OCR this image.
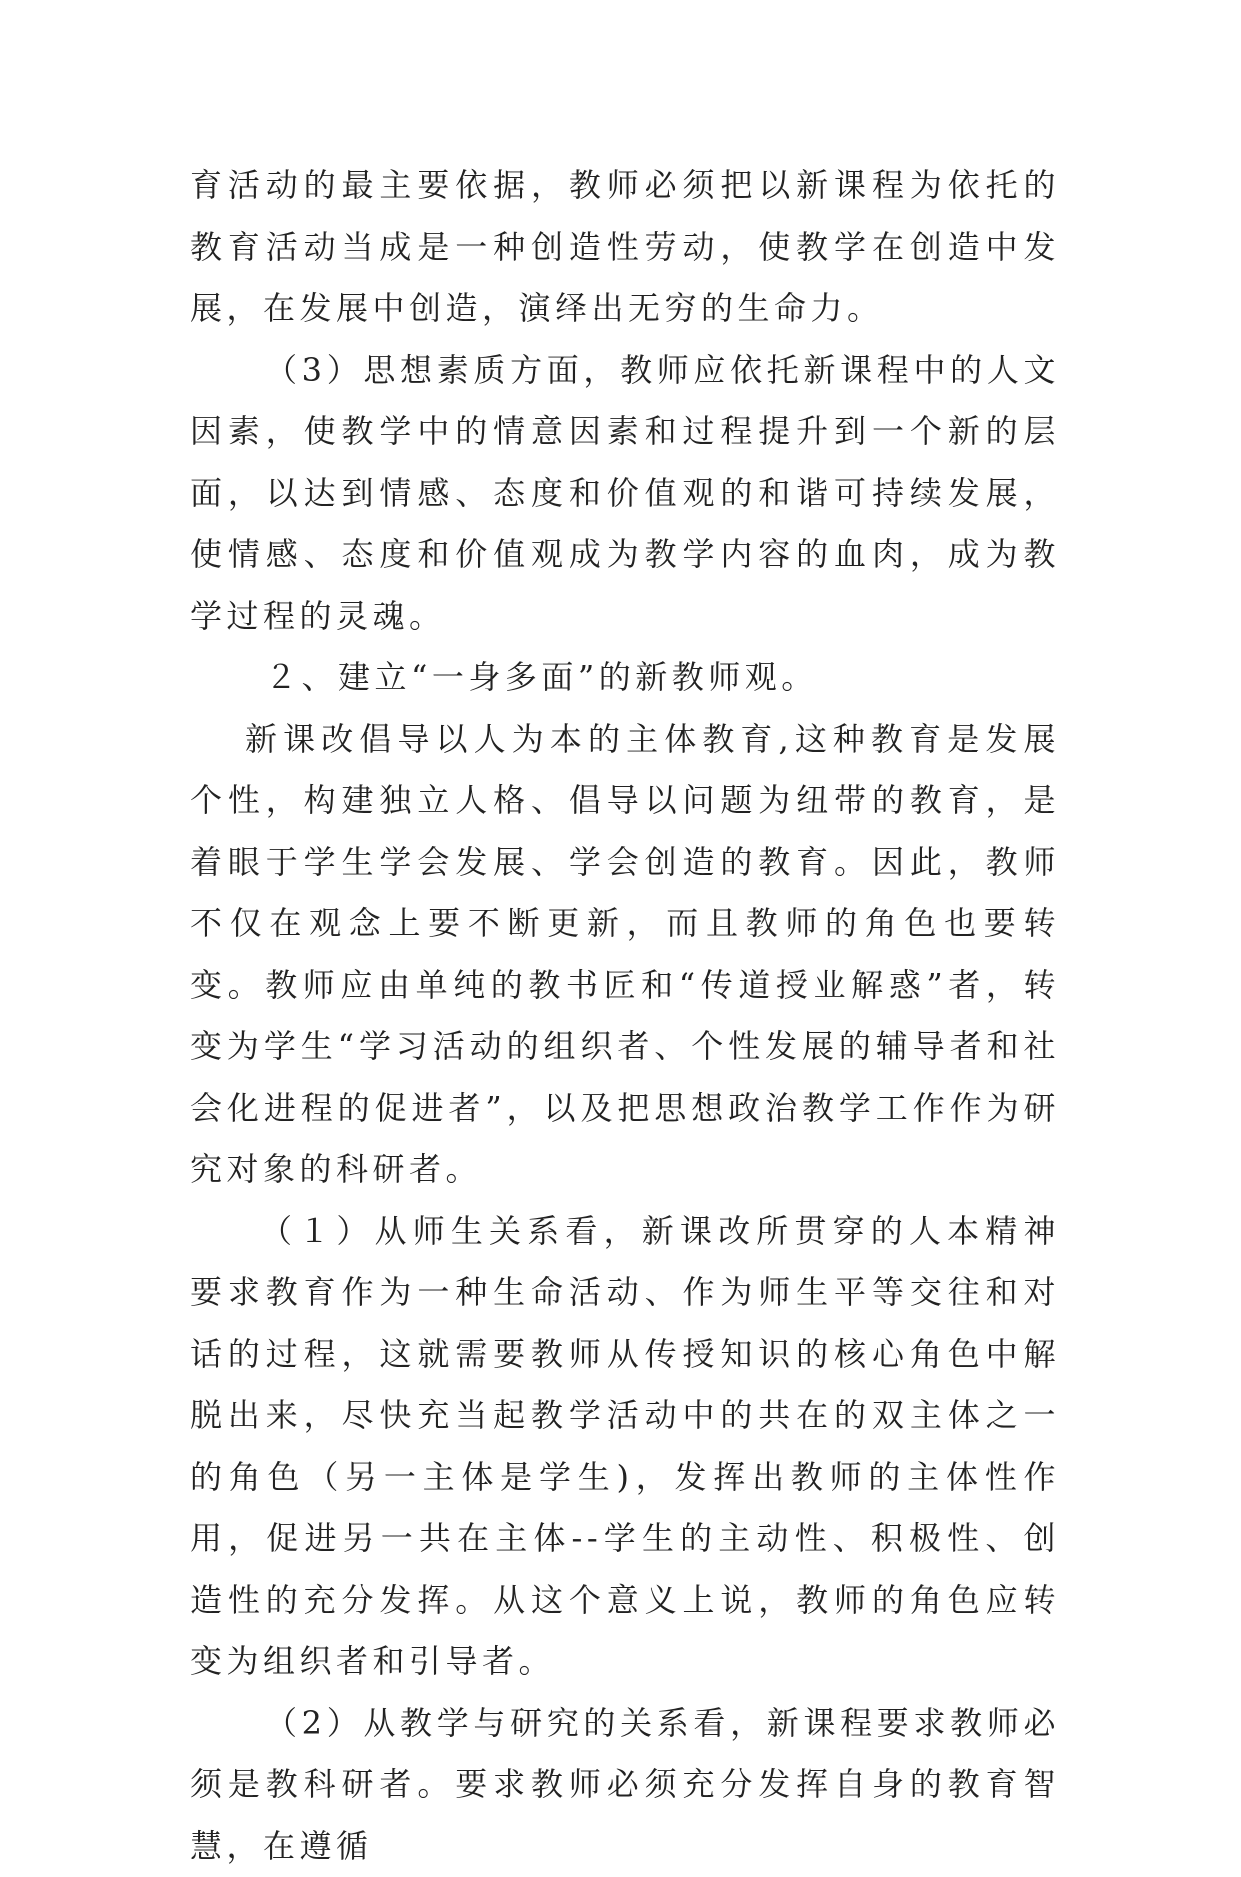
育活动的最主要依据，教师必须把以新课程为依托的教育活动当成是一种创造性劳动，使教学在创造中发展，在发展中创造，演绎出无穷的生命力。

（3）思想素质方面，教师应依托新课程中的人文因素，使教学中的情意因素和过程提升到一个新的层面，以达到情感、态度和价值观的和谐可持续发展，使情感、态度和价值观成为教学内容的血肉，成为教学过程的灵魂。

２、建立“一身多面”的新教师观。

新课改倡导以人为本的主体教育,这种教育是发展个性，构建独立人格、倡导以问题为纽带的教育，是着眼于学生学会发展、学会创造的教育。因此，教师不仅在观念上要不断更新，而且教师的角色也要转变。教师应由单纯的教书匠和“传道授业解惑”者，转变为学生“学习活动的组织者、个性发展的辅导者和社会化进程的促进者”，以及把思想政治教学工作作为研究对象的科研者。

（１）从师生关系看，新课改所贯穿的人本精神要求教育作为一种生命活动、作为师生平等交往和对话的过程，这就需要教师从传授知识的核心角色中解脱出来，尽快充当起教学活动中的共在的双主体之一的角色（另一主体是学生)，发挥出教师的主体性作用，促进另一共在主体--学生的主动性、积极性、创造性的充分发挥。从这个意义上说，教师的角色应转变为组织者和引导者。

（2）从教学与研究的关系看，新课程要求教师必须是教科研者。要求教师必须充分发挥自身的教育智慧，在遵循
